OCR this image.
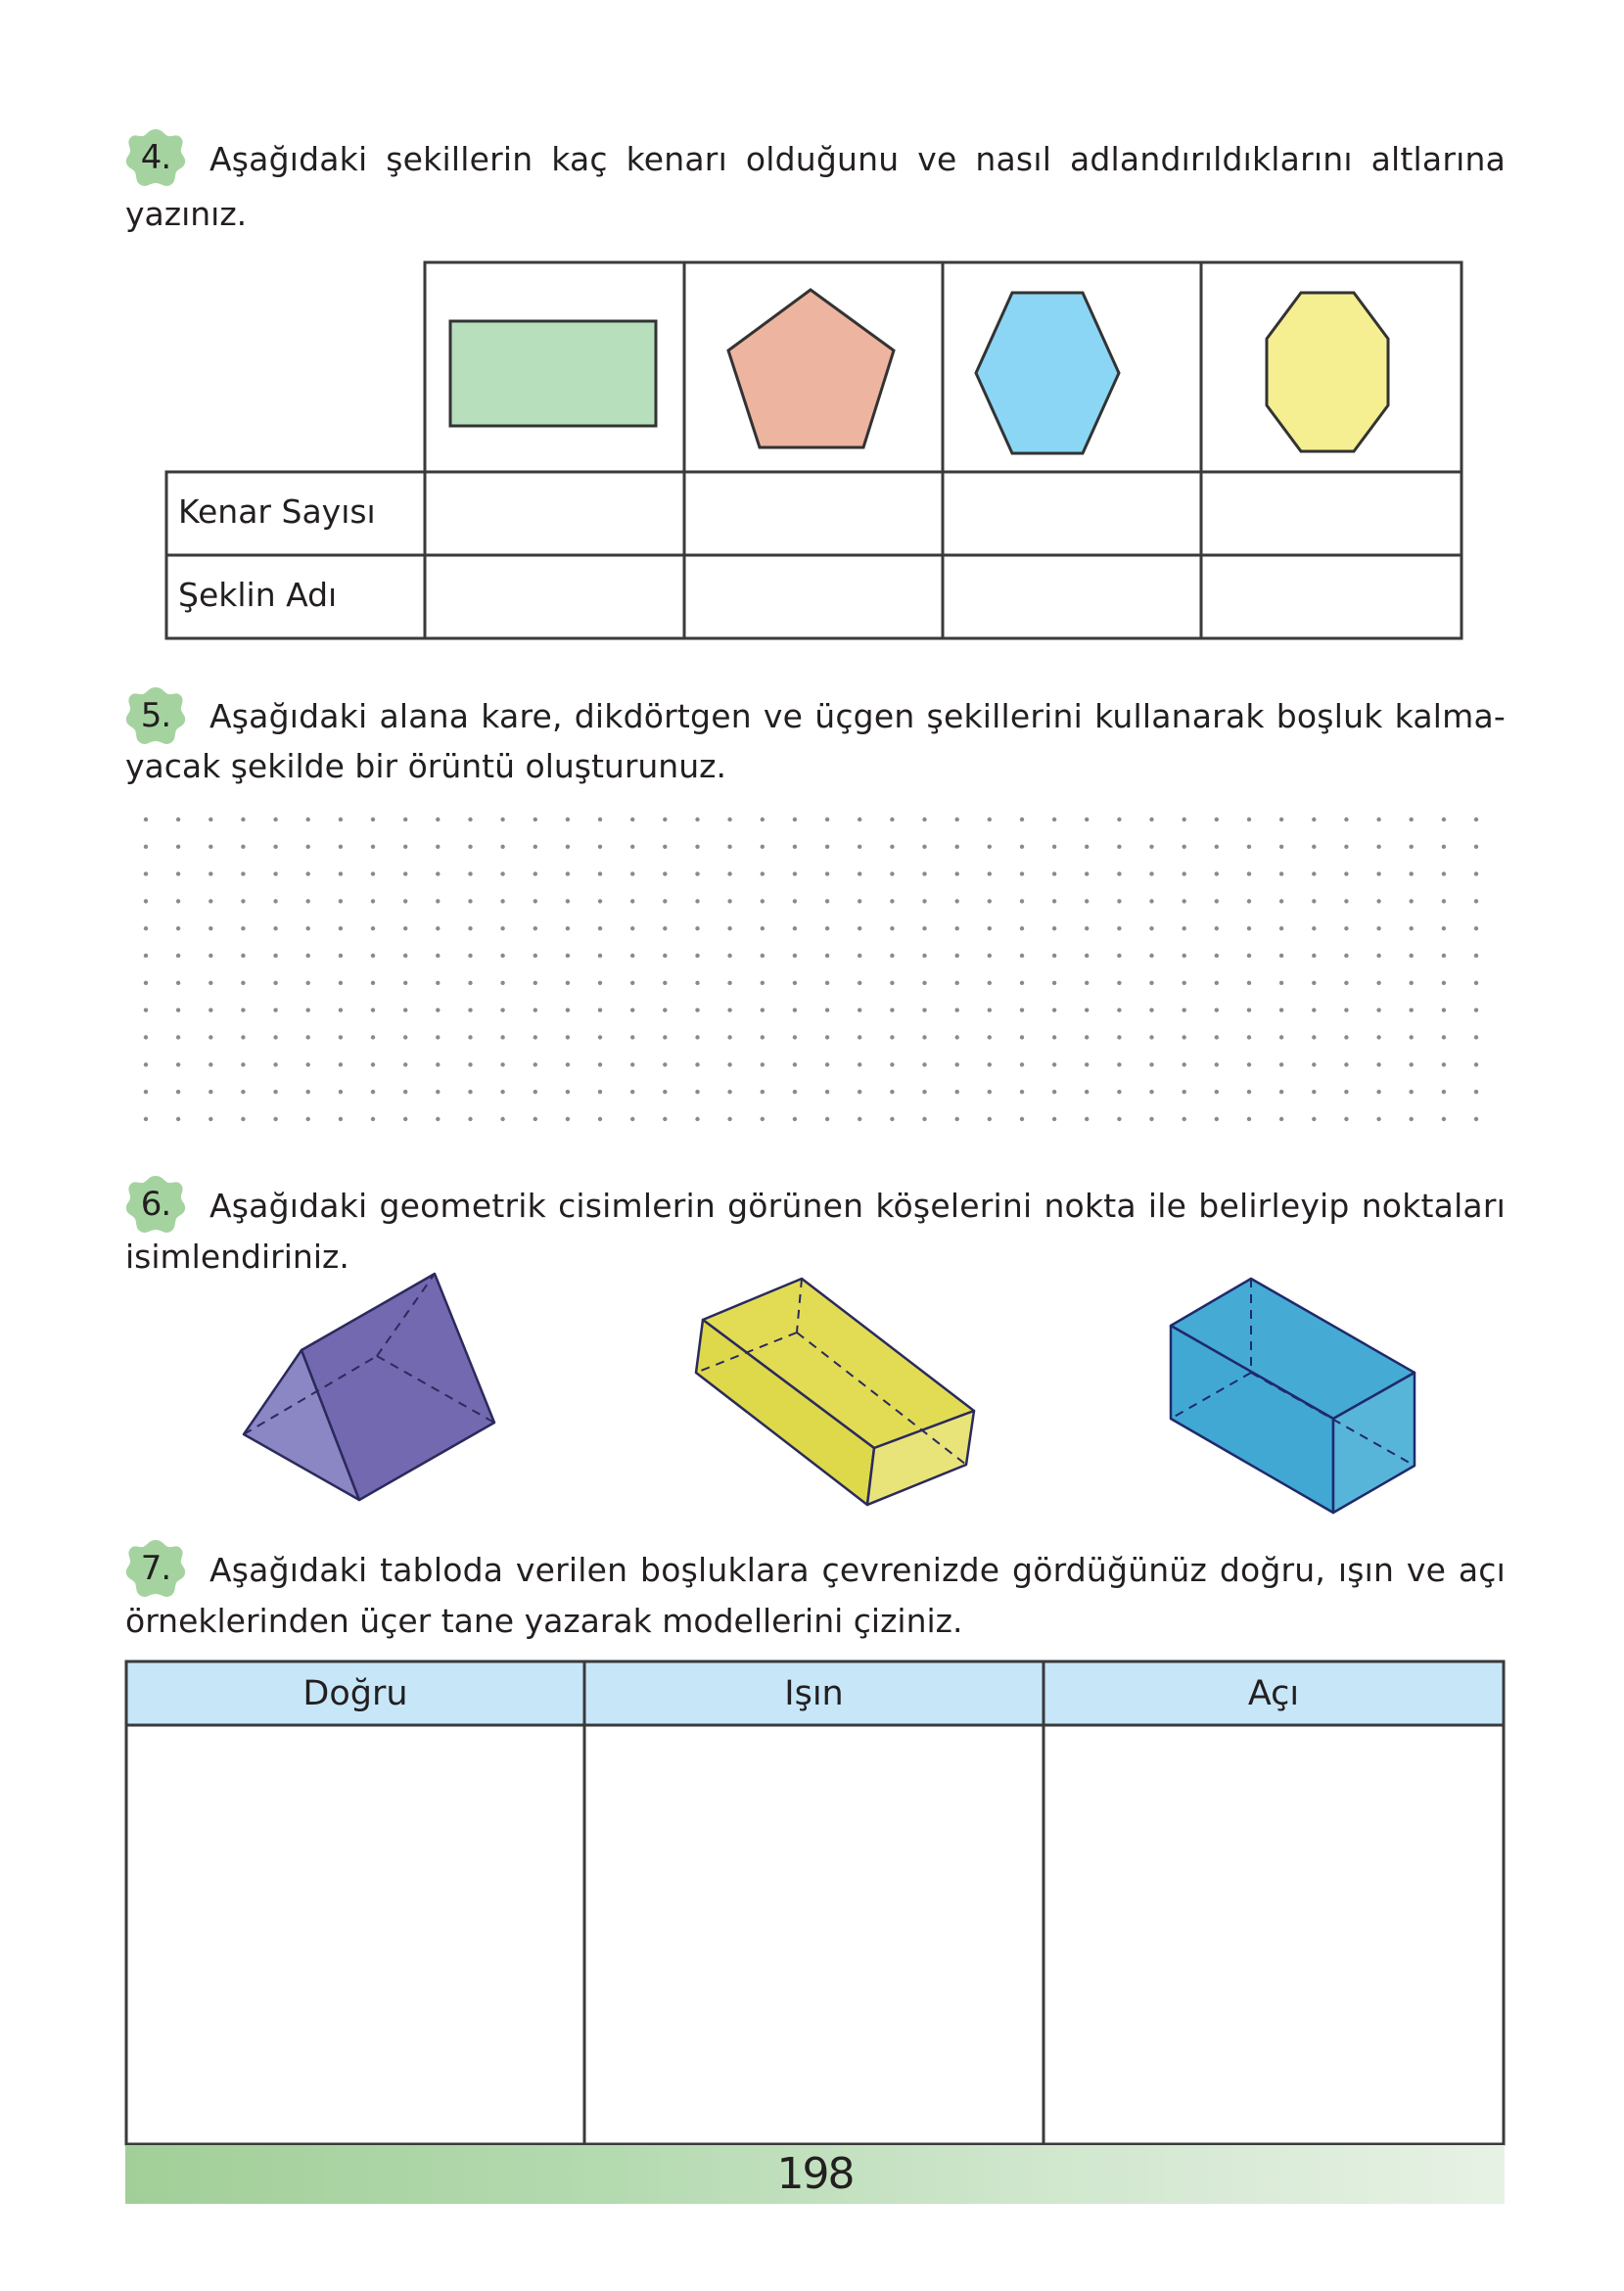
4.	Aşağıdaki şekillerin kaç kenarı olduğunu ve nasıl adlandırıldıklarını altlarına
yazınız.
Kenar Sayısı
Şeklin Adı
5.	Aşağıdaki alana kare, dikdörtgen ve üçgen şekillerini kullanarak boşluk kalma-
yacak şekilde bir örüntü oluşturunuz.
6.	Aşağıdaki geometrik cisimlerin görünen köşelerini nokta ile belirleyip noktaları
isimlendiriniz.
7.	Aşağıdaki tabloda verilen boşluklara çevrenizde gördüğünüz doğru, ışın ve açı
örneklerinden üçer tane yazarak modellerini çiziniz.
Doğru	Işın	Açı
198
